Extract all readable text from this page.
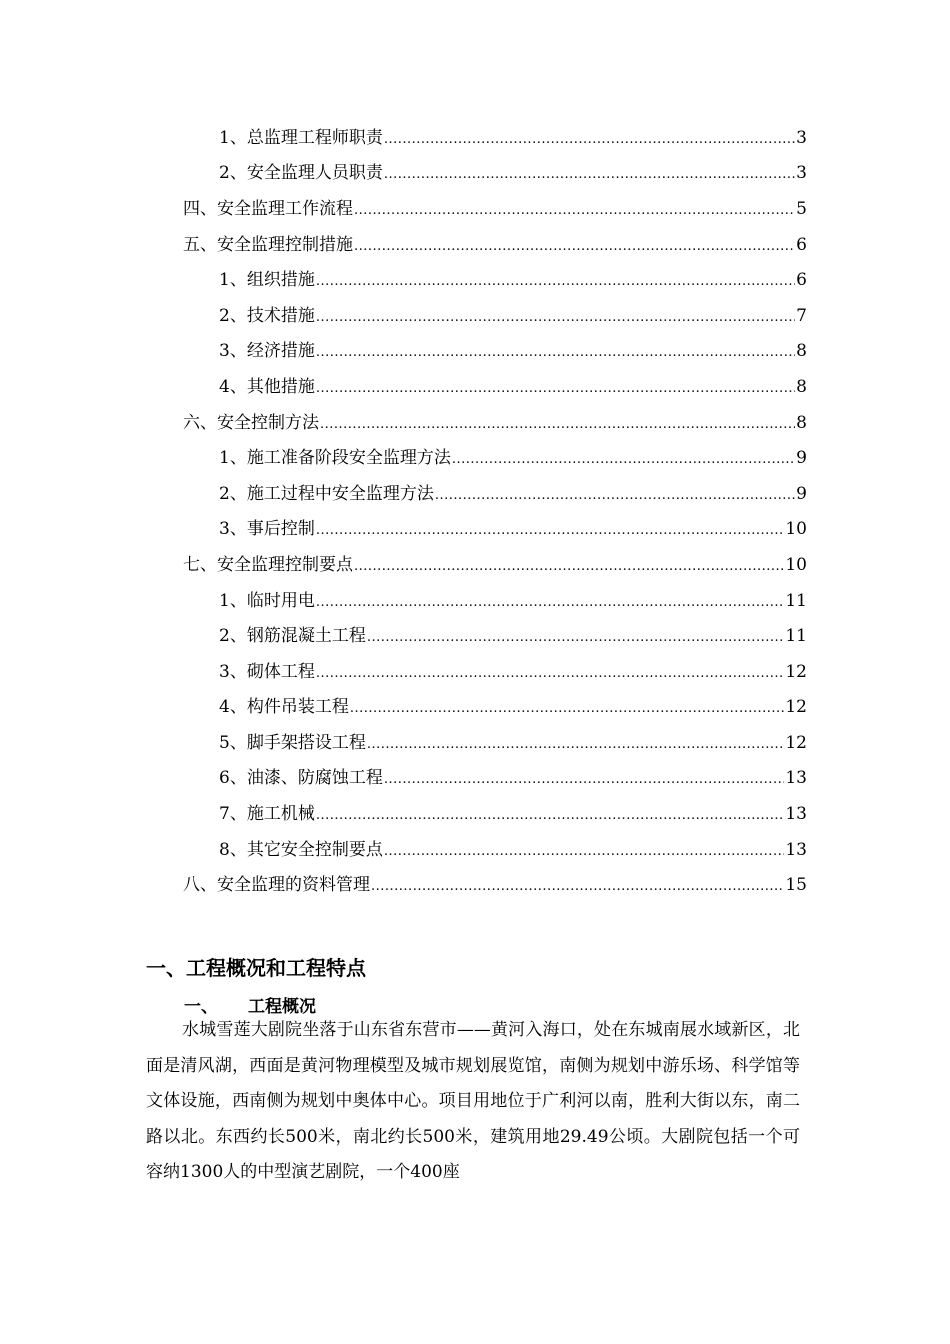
1、总监理工程师职责 .....	3
2、安全监理人员职责 .....	3
四、安全监理工作流程 .....	5
五、安全监理控制措施 .....	6
1、组织措施 .....	6
2、技术措施 .....	7
3、经济措施 .....	8
4、其他措施 .....	8
六、安全控制方法 .....	8
1、施工准备阶段安全监理方法 .....	9
2、施工过程中安全监理方法 .....	9
3、事后控制 .....	10
七、安全监理控制要点 .....	10
1、临时用电 .....	11
2、钢筋混凝土工程 .....	11
3、砌体工程 .....	12
4、构件吊装工程 .....	12
5、脚手架搭设工程 .....	12
6、油漆、防腐蚀工程 .....	13
7、施工机械 .....	13
8、其它安全控制要点 .....	13
八、安全监理的资料管理 .....	15
一、工程概况和工程特点
一、 工程概况

水城雪莲大剧院坐落于山东省东营市——黄河入海口，处在东城南展水域新区，北面是清风湖，西面是黄河物理模型及城市规划展览馆，南侧为规划中游乐场、科学馆等文体设施，西南侧为规划中奥体中心。项目用地位于广利河以南，胜利大街以东，南二路以北。东西约长500米，南北约长500米，建筑用地29.49公顷。大剧院包括一个可容纳1300人的中型演艺剧院，一个400座
